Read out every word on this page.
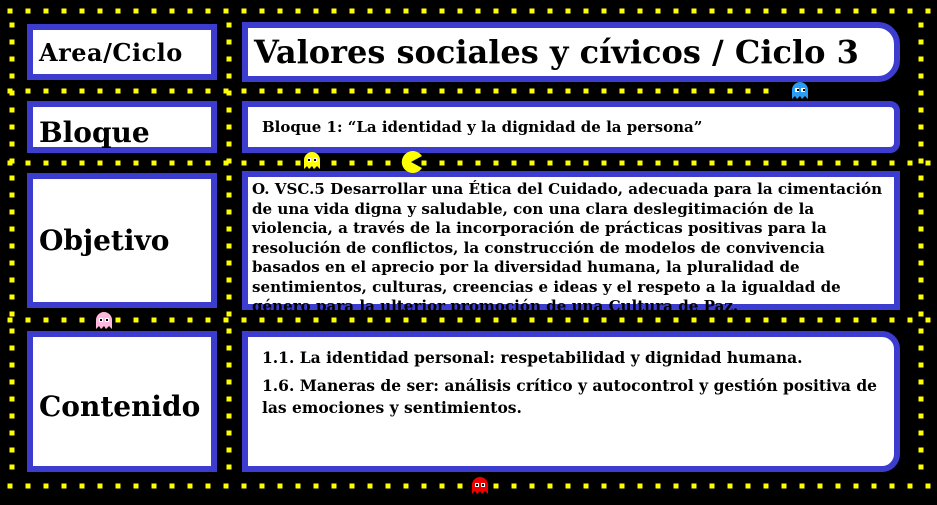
Area/Ciclo
Bloque
Objetivo
Contenido
Valores sociales y cívicos / Ciclo 3
Bloque 1: “La identidad y la dignidad de la persona”
O. VSC.5 Desarrollar una Ética del Cuidado, adecuada para la cimentación de una vida digna y saludable, con una clara deslegitimación de la violencia, a través de la incorporación de prácticas positivas para la resolución de conflictos, la construcción de modelos de convivencia basados en el aprecio por la diversidad humana, la pluralidad de sentimientos, culturas, creencias e ideas y el respeto a la igualdad de género para la ulterior promoción de una Cultura de Paz.

1.1. La identidad personal: respetabilidad y dignidad humana.

1.6. Maneras de ser: análisis crítico y autocontrol y gestión positiva de las emociones y sentimientos.
